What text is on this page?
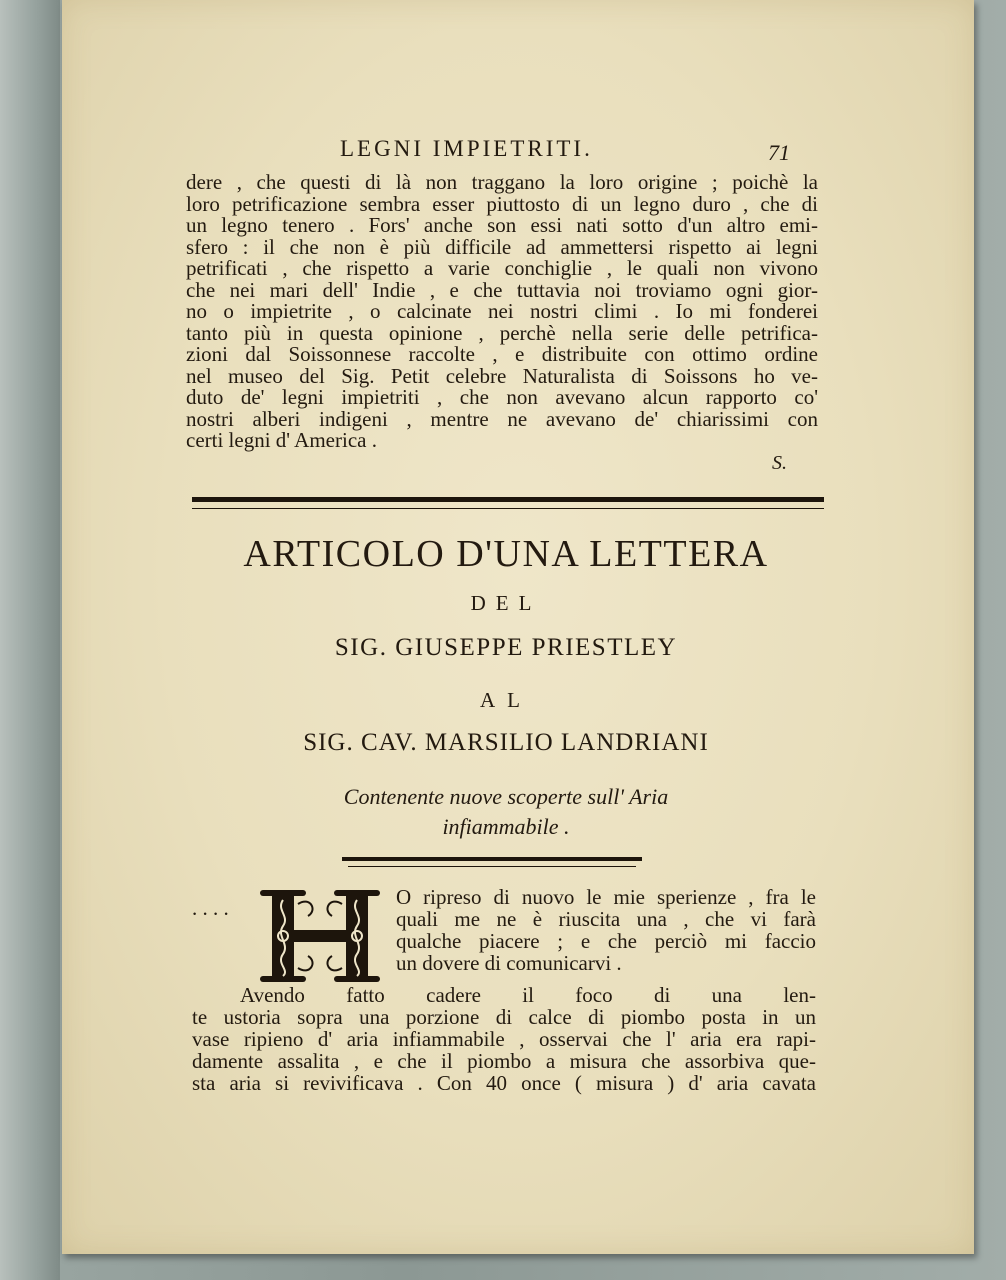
LEGNI IMPIETRITI.	71
dere , che questi di là non traggano la loro origine ; poichè la
loro petrificazione sembra esser piuttosto di un legno duro , che di
un legno tenero . Fors' anche son essi nati sotto d'un altro emi-
sfero : il che non è più difficile ad ammettersi rispetto ai legni
petrificati , che rispetto a varie conchiglie , le quali non vivono
che nei mari dell' Indie , e che tuttavia noi troviamo ogni gior-
no o impietrite , o calcinate nei nostri climi . Io mi fonderei
tanto più in questa opinione , perchè nella serie delle petrifica-
zioni dal Soissonnese raccolte , e distribuite con ottimo ordine
nel museo del Sig. Petit celebre Naturalista di Soissons ho ve-
duto de' legni impietriti , che non avevano alcun rapporto co'
nostri alberi indigeni , mentre ne avevano de' chiarissimi con
certi legni d' America .
S.
ARTICOLO D'UNA LETTERA
DEL
SIG. GIUSEPPE PRIESTLEY
AL
SIG. CAV. MARSILIO LANDRIANI
Contenente nuove scoperte sull' Aria
infiammabile .
. . . .	O ripreso di nuovo le mie sperienze , fra le
quali me ne è riuscita una , che vi farà
qualche piacere ; e che perciò mi faccio
un dovere di comunicarvi .
Avendo fatto cadere il foco di una len-
te ustoria sopra una porzione di calce di piombo posta in un
vase ripieno d' aria infiammabile , osservai che l' aria era rapi-
damente assalita , e che il piombo a misura che assorbiva que-
sta aria si revivificava . Con 40 once ( misura ) d' aria cavata
